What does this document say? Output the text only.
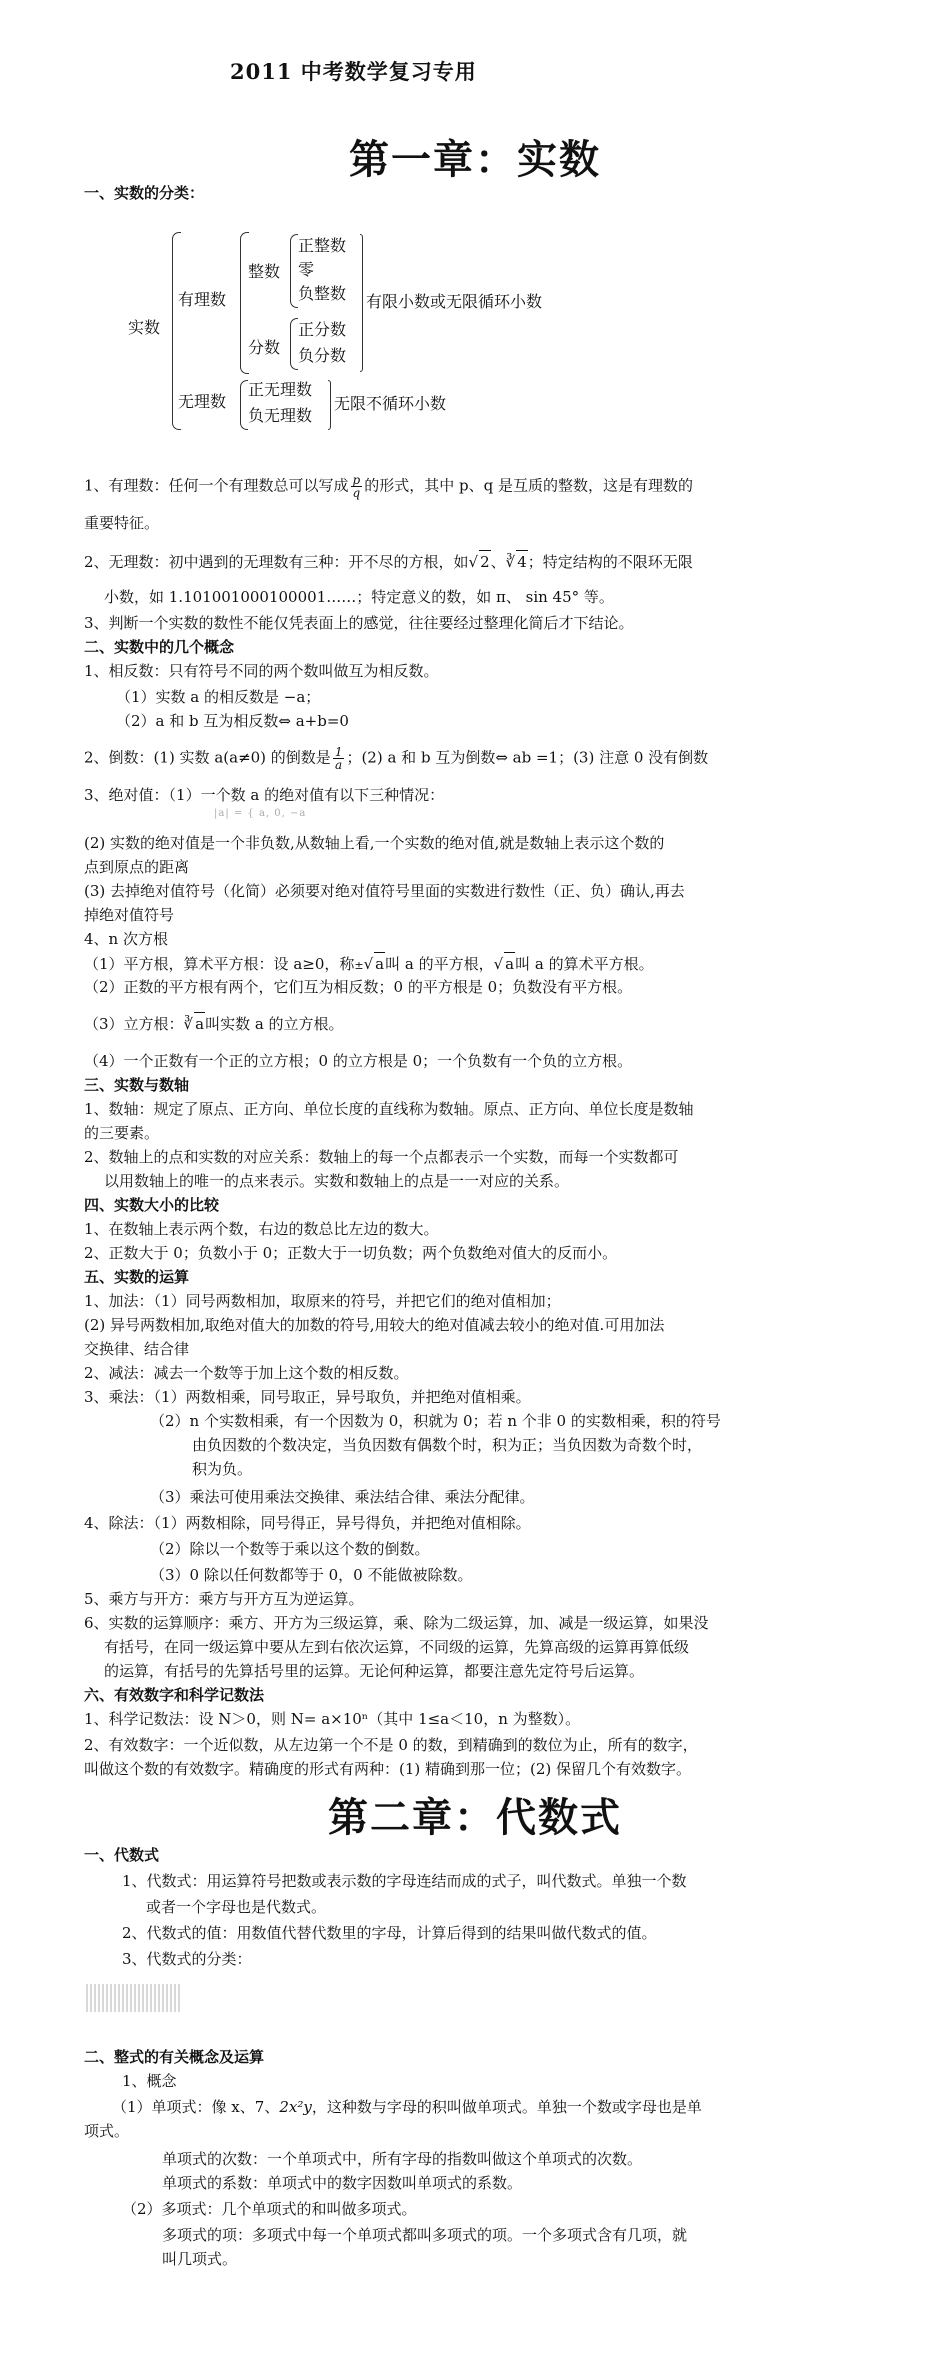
2011 中考数学复习专用
第一章：实数
一、实数的分类：
实数
有理数
整数
正整数
零
负整数
分数
正分数
负分数
有限小数或无限循环小数
无理数
正无理数
负无理数
无限不循环小数
1、有理数：任何一个有理数总可以写成 $\frac{p}{q}$ 的形式，其中 p、q 是互质的整数，这是有理数的
重要特征。
2、无理数：初中遇到的无理数有三种：开不尽的方根，如√ 2、∛ 4；特定结构的不限环无限
小数，如 1.101001000100001……；特定意义的数，如 π、 sin 45° 等。
3、判断一个实数的数性不能仅凭表面上的感觉，往往要经过整理化简后才下结论。
二、实数中的几个概念
1、相反数：只有符号不同的两个数叫做互为相反数。
（1）实数 a 的相反数是 −a；
（2）a 和 b 互为相反数⇔ a+b=0
2、倒数：(1) 实数 a(a≠0) 的倒数是 $\frac{1}{a}$ ；(2) a 和 b 互为倒数⇔ ab =1；(3) 注意 0 没有倒数
3、绝对值：（1）一个数 a 的绝对值有以下三种情况：
|a| = { a, 0, −a
(2) 实数的绝对值是一个非负数,从数轴上看,一个实数的绝对值,就是数轴上表示这个数的
点到原点的距离
(3) 去掉绝对值符号（化简）必须要对绝对值符号里面的实数进行数性（正、负）确认,再去
掉绝对值符号
4、n 次方根
（1）平方根，算术平方根：设 a≥0，称±√ a叫 a 的平方根，√ a叫 a 的算术平方根。
（2）正数的平方根有两个，它们互为相反数；0 的平方根是 0；负数没有平方根。
（3）立方根：∛ a叫实数 a 的立方根。
（4）一个正数有一个正的立方根；0 的立方根是 0；一个负数有一个负的立方根。
三、实数与数轴
1、数轴：规定了原点、正方向、单位长度的直线称为数轴。原点、正方向、单位长度是数轴
的三要素。
2、数轴上的点和实数的对应关系：数轴上的每一个点都表示一个实数，而每一个实数都可
以用数轴上的唯一的点来表示。实数和数轴上的点是一一对应的关系。
四、实数大小的比较
1、在数轴上表示两个数，右边的数总比左边的数大。
2、正数大于 0；负数小于 0；正数大于一切负数；两个负数绝对值大的反而小。
五、实数的运算
1、加法：（1）同号两数相加，取原来的符号，并把它们的绝对值相加；
(2) 异号两数相加,取绝对值大的加数的符号,用较大的绝对值减去较小的绝对值.可用加法
交换律、结合律
2、减法：减去一个数等于加上这个数的相反数。
3、乘法：（1）两数相乘，同号取正，异号取负，并把绝对值相乘。
（2）n 个实数相乘，有一个因数为 0，积就为 0；若 n 个非 0 的实数相乘，积的符号
由负因数的个数决定，当负因数有偶数个时，积为正；当负因数为奇数个时，
积为负。
（3）乘法可使用乘法交换律、乘法结合律、乘法分配律。
4、除法：（1）两数相除，同号得正，异号得负，并把绝对值相除。
（2）除以一个数等于乘以这个数的倒数。
（3）0 除以任何数都等于 0，0 不能做被除数。
5、乘方与开方：乘方与开方互为逆运算。
6、实数的运算顺序：乘方、开方为三级运算，乘、除为二级运算，加、减是一级运算，如果没
有括号，在同一级运算中要从左到右依次运算，不同级的运算，先算高级的运算再算低级
的运算，有括号的先算括号里的运算。无论何种运算，都要注意先定符号后运算。
六、有效数字和科学记数法
1、科学记数法：设 N＞0，则 N= a×10ⁿ（其中 1≤a＜10，n 为整数）。
2、有效数字：一个近似数，从左边第一个不是 0 的数，到精确到的数位为止，所有的数字，
叫做这个数的有效数字。精确度的形式有两种：(1) 精确到那一位；(2) 保留几个有效数字。
第二章：代数式
一、代数式
1、代数式：用运算符号把数或表示数的字母连结而成的式子，叫代数式。单独一个数
或者一个字母也是代数式。
2、代数式的值：用数值代替代数里的字母，计算后得到的结果叫做代数式的值。
3、代数式的分类：
二、整式的有关概念及运算
1、概念
（1）单项式：像 x、7、2x²y，这种数与字母的积叫做单项式。单独一个数或字母也是单
项式。
单项式的次数：一个单项式中，所有字母的指数叫做这个单项式的次数。
单项式的系数：单项式中的数字因数叫单项式的系数。
（2）多项式：几个单项式的和叫做多项式。
多项式的项：多项式中每一个单项式都叫多项式的项。一个多项式含有几项，就
叫几项式。
